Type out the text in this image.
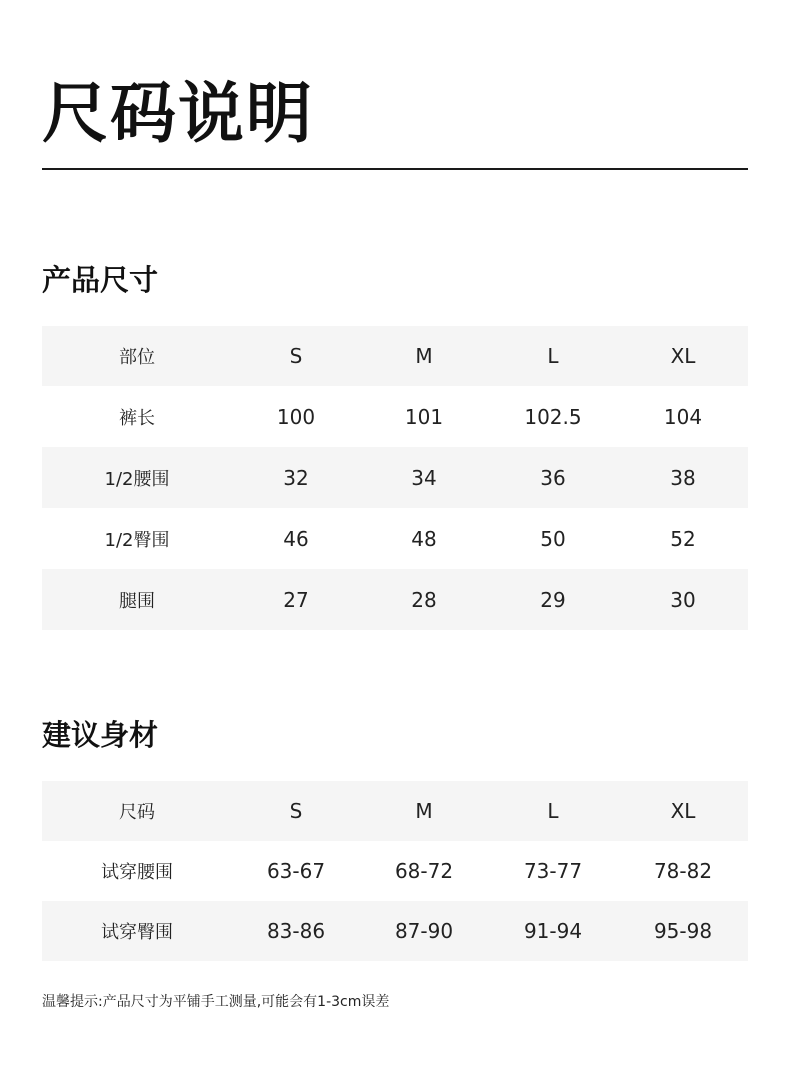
尺码说明
产品尺寸
部位	S	M	L	XL
裤长	100	101	102.5	104
1/2腰围	32	34	36	38
1/2臀围	46	48	50	52
腿围	27	28	29	30
建议身材
尺码	S	M	L	XL
试穿腰围	63-67	68-72	73-77	78-82
试穿臀围	83-86	87-90	91-94	95-98

温馨提示:产品尺寸为平铺手工测量,可能会有1-3cm误差
